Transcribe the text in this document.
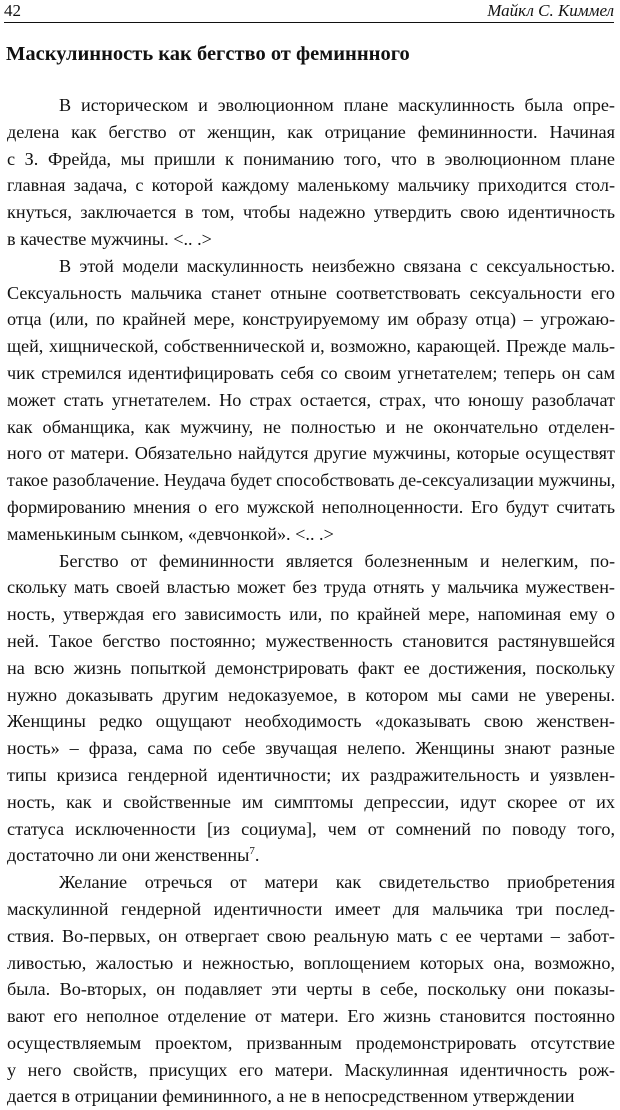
42	Майкл С. Киммел
Маскулинность как бегство от феминнного
В историческом и эволюционном плане маскулинность была опре-
делена как бегство от женщин, как отрицание фемининности. Начиная
с З. Фрейда, мы пришли к пониманию того, что в эволюционном плане
главная задача, с которой каждому маленькому мальчику приходится стол-
кнуться, заключается в том, чтобы надежно утвердить свою идентичность
в качестве мужчины. <.. .>
В этой модели маскулинность неизбежно связана с сексуальностью.
Сексуальность мальчика станет отныне соответствовать сексуальности его
отца (или, по крайней мере, конструируемому им образу отца) – угрожаю-
щей, хищнической, собственнической и, возможно, карающей. Прежде маль-
чик стремился идентифицировать себя со своим угнетателем; теперь он сам
может стать угнетателем. Но страх остается, страх, что юношу разоблачат
как обманщика, как мужчину, не полностью и не окончательно отделен-
ного от матери. Обязательно найдутся другие мужчины, которые осуществят
такое разоблачение. Неудача будет способствовать де-сексуализации мужчины,
формированию мнения о его мужской неполноценности. Его будут считать
маменькиным сынком, «девчонкой». <.. .>
Бегство от фемининности является болезненным и нелегким, по-
скольку мать своей властью может без труда отнять у мальчика мужествен-
ность, утверждая его зависимость или, по крайней мере, напоминая ему о
ней. Такое бегство постоянно; мужественность становится растянувшейся
на всю жизнь попыткой демонстрировать факт ее достижения, поскольку
нужно доказывать другим недоказуемое, в котором мы сами не уверены.
Женщины редко ощущают необходимость «доказывать свою женствен-
ность» – фраза, сама по себе звучащая нелепо. Женщины знают разные
типы кризиса гендерной идентичности; их раздражительность и уязвлен-
ность, как и свойственные им симптомы депрессии, идут скорее от их
статуса исключенности [из социума], чем от сомнений по поводу того,
достаточно ли они женственны$^7$.
Желание отречься от матери как свидетельство приобретения
маскулинной гендерной идентичности имеет для мальчика три послед-
ствия. Во-первых, он отвергает свою реальную мать с ее чертами – забот-
ливостью, жалостью и нежностью, воплощением которых она, возможно,
была. Во-вторых, он подавляет эти черты в себе, поскольку они показы-
вают его неполное отделение от матери. Его жизнь становится постоянно
осуществляемым проектом, призванным продемонстрировать отсутствие
у него свойств, присущих его матери. Маскулинная идентичность рож-
дается в отрицании фемининного, а не в непосредственном утверждении
